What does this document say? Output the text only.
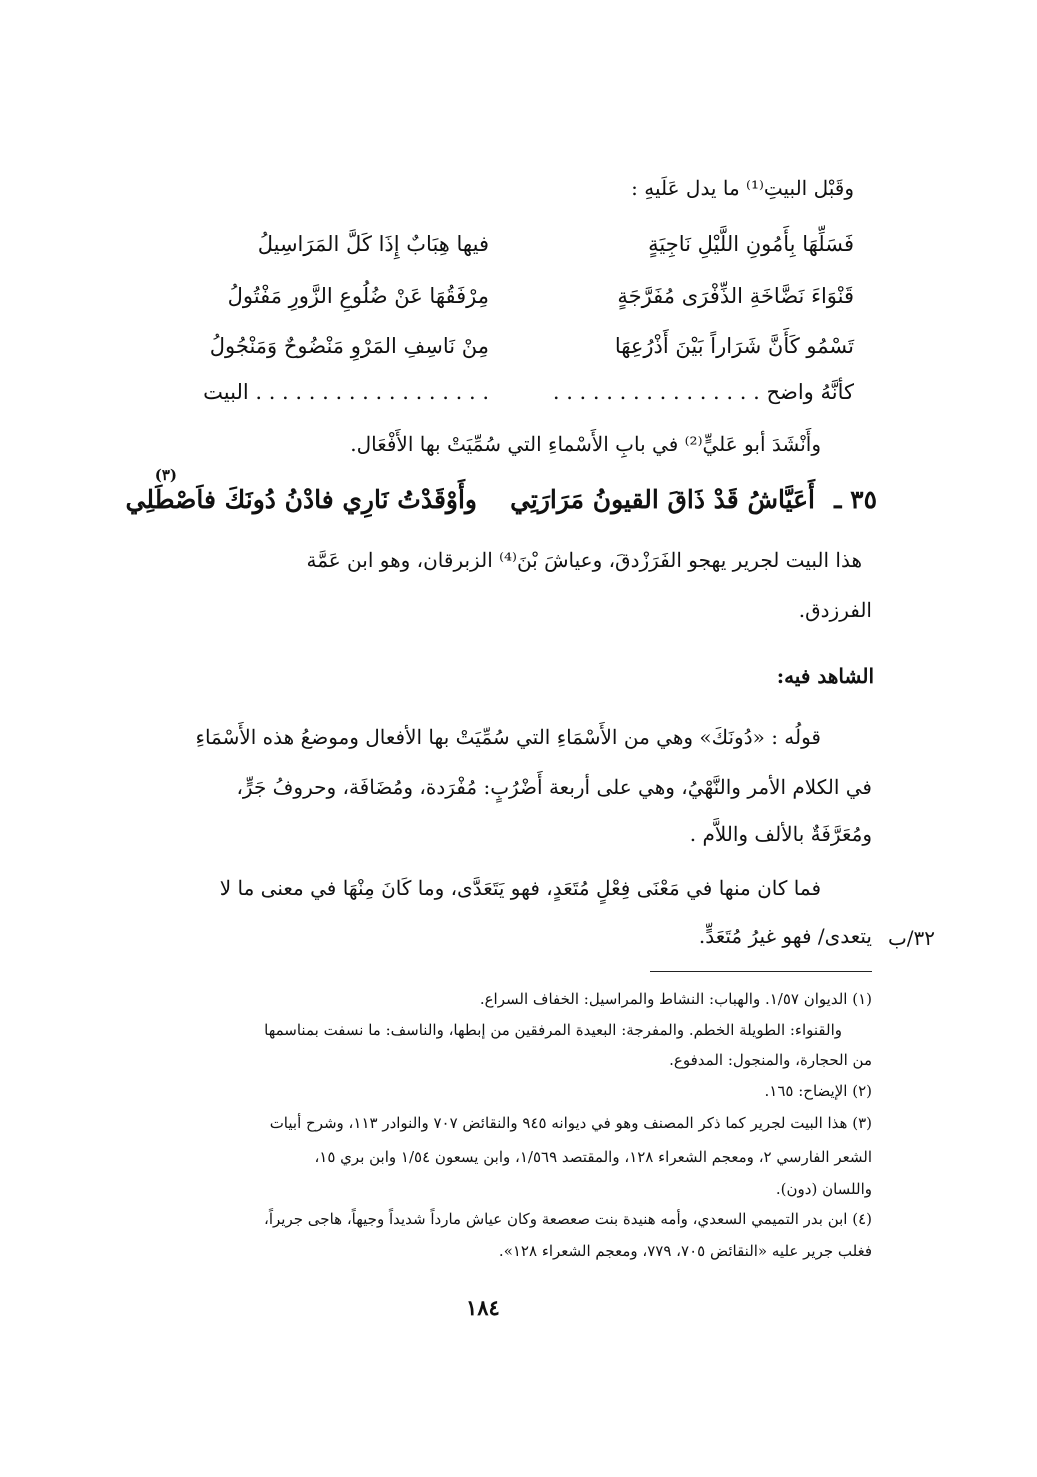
وقَبْل البيتِ⁽¹⁾ ما يدل عَلَيهِ :
فَسَلِّهَا بِأَمُونِ اللَّيْلِ نَاجِيَةٍ
فيها هِبَابٌ إِذَا كَلَّ المَرَاسِيلُ
قَنْوَاءَ نَضَّاخَةِ الذِّفْرَى مُفَرَّجَةٍ
مِرْفَقُهَا عَنْ ضُلُوعِ الزَّورِ مَفْتُولُ
تَسْمُو كَأَنَّ شَرَاراً بَيْنَ أَذْرُعِهَا
مِنْ نَاسِفِ المَرْوِ مَنْضُوحٌ وَمَنْجُولُ
كأنَّهُ واضح . . . . . . . . . . . . . . . .
. . . . . . . . . . . . . . . . . . البيت
وأَنْشَدَ أبو عَليٍّ⁽²⁾ في بابِ الأَسْماءِ التي سُمِّيَتْ بها الأَفْعَال.
٣٥ ـ
أَعَيَّاشُ قَدْ ذَاقَ القيونُ مَرَارَتِي
وأَوْقَدْتُ نَارِي فادْنُ دُونَكَ فاَصْطَلِي
(٣)
هذا البيت لجرير يهجو الفَرَزْدقَ، وعياشَ بْنَ⁽⁴⁾ الزبرقان، وهو ابن عَمَّة
الفرزدق.
الشاهد فيه:
قولُه : «دُونَكَ» وهي من الأَسْمَاءِ التي سُمِّيَتْ بها الأفعال وموضعُ هذه الأَسْمَاءِ
في الكلام الأمر والنَّهْيُ، وهي على أربعة أَضْرُبٍ: مُفْرَدة، ومُضَافَة، وحروفُ جَرٍّ،
ومُعَرَّفَةٌ بالألف واللاَّم .
فما كان منها في مَعْنَى فِعْلٍ مُتَعَدٍ، فهو يَتَعَدَّى، وما كَانَ مِنْهَا في معنى ما لا
يتعدى/ فهو غيرُ مُتَعَدٍّ. ٣٢/ب
(١) الديوان ١/٥٧. والهباب: النشاط والمراسيل: الخفاف السراع.
والقنواء: الطويلة الخطم. والمفرجة: البعيدة المرفقين من إبطها، والناسف: ما نسفت بمناسمها
من الحجارة، والمنجول: المدفوع.
(٢) الإيضاح: ١٦٥.
(٣) هذا البيت لجرير كما ذكر المصنف وهو في ديوانه ٩٤٥ والنقائض ٧٠٧ والنوادر ١١٣، وشرح أبيات
الشعر الفارسي ٢، ومعجم الشعراء ١٢٨، والمقتصد ١/٥٦٩، وابن يسعون ١/٥٤ وابن بري ١٥،
واللسان (دون).
(٤) ابن بدر التميمي السعدي، وأمه هنيدة بنت صعصعة وكان عياش مارداً شديداً وجيهاً، هاجى جريراً،
فغلب جرير عليه «النقائض ٧٠٥، ٧٧٩، ومعجم الشعراء ١٢٨».
١٨٤
